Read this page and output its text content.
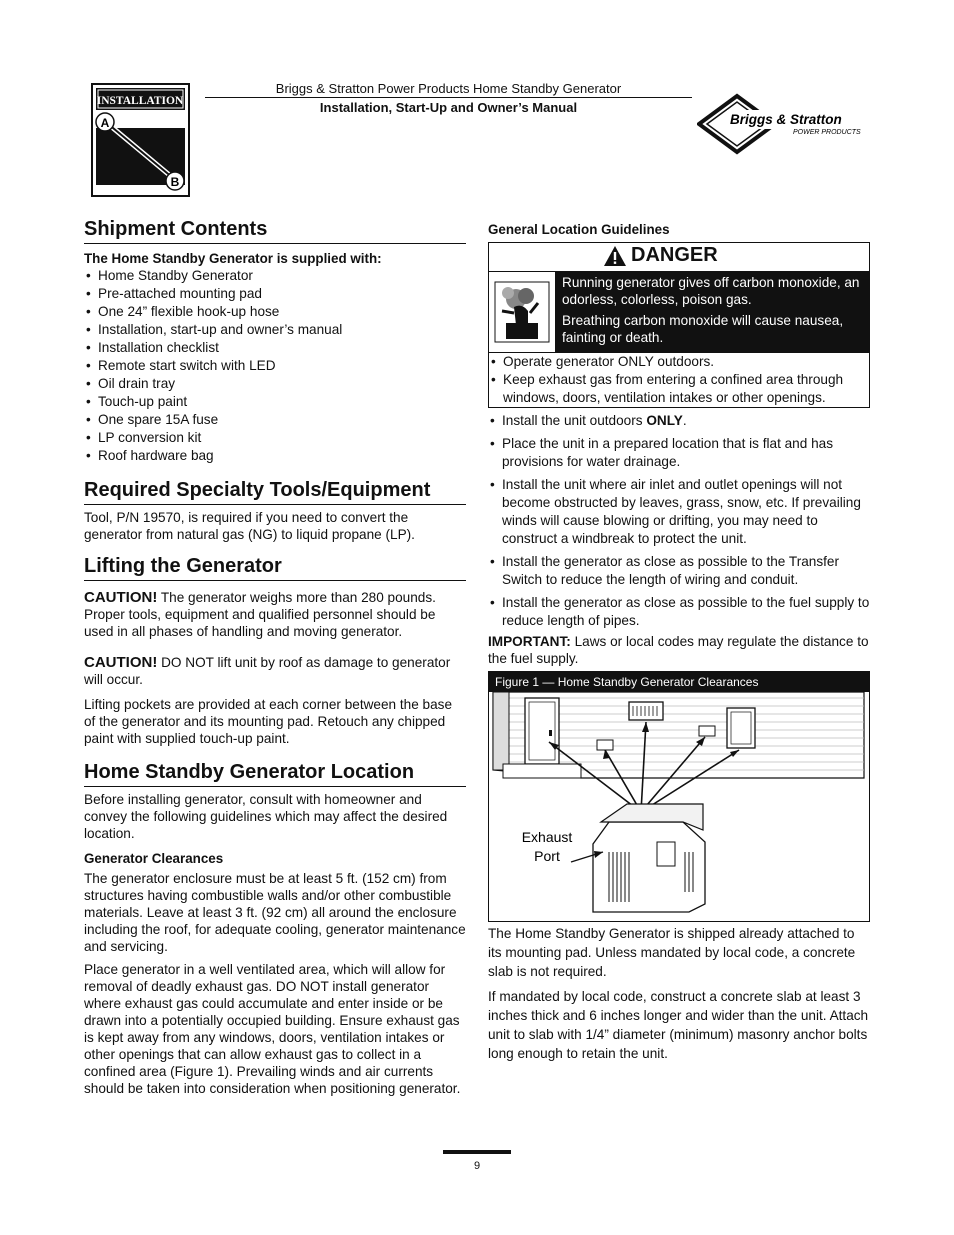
INSTALLATION
A
B
Briggs & Stratton Power Products Home Standby Generator
Installation, Start-Up and Owner’s Manual
Briggs & Stratton
POWER PRODUCTS
Shipment Contents

The Home Standby Generator is supplied with:

• Home Standby Generator
• Pre-attached mounting pad
• One 24” flexible hook-up hose
• Installation, start-up and owner’s manual
• Installation checklist
• Remote start switch with LED
• Oil drain tray
• Touch-up paint
• One spare 15A fuse
• LP conversion kit
• Roof hardware bag
Required Specialty Tools/Equipment

Tool, P/N 19570, is required if you need to convert the generator from natural gas (NG) to liquid propane (LP).

Lifting the Generator

CAUTION! The generator weighs more than 280 pounds. Proper tools, equipment and qualified personnel should be used in all phases of handling and moving generator.

CAUTION! DO NOT lift unit by roof as damage to generator will occur.

Lifting pockets are provided at each corner between the base of the generator and its mounting pad. Retouch any chipped paint with supplied touch-up paint.

Home Standby Generator Location

Before installing generator, consult with homeowner and convey the following guidelines which may affect the desired location.

Generator Clearances

The generator enclosure must be at least 5 ft. (152 cm) from structures having combustible walls and/or other combustible materials. Leave at least 3 ft. (92 cm) all around the enclosure including the roof, for adequate cooling, generator maintenance and servicing.

Place generator in a well ventilated area, which will allow for removal of deadly exhaust gas. DO NOT install generator where exhaust gas could accumulate and enter inside or be drawn into a potentially occupied building. Ensure exhaust gas is kept away from any windows, doors, ventilation intakes or other openings that can allow exhaust gas to collect in a confined area (Figure 1). Prevailing winds and air currents should be taken into consideration when positioning generator.

General Location Guidelines

DANGER

Running generator gives off carbon monoxide, an odorless, colorless, poison gas.

Breathing carbon monoxide will cause nausea, fainting or death.

• Operate generator ONLY outdoors.
• Keep exhaust gas from entering a confined area through windows, doors, ventilation intakes or other openings.
• Install the unit outdoors ONLY.
• Place the unit in a prepared location that is flat and has provisions for water drainage.
• Install the unit where air inlet and outlet openings will not become obstructed by leaves, grass, snow, etc. If prevailing winds will cause blowing or drifting, you may need to construct a windbreak to protect the unit.
• Install the generator as close as possible to the Transfer Switch to reduce the length of wiring and conduit.
• Install the generator as close as possible to the fuel supply to reduce length of pipes.

IMPORTANT: Laws or local codes may regulate the distance to the fuel supply.

Figure 1 — Home Standby Generator Clearances
Exhaust
Port

The Home Standby Generator is shipped already attached to its mounting pad. Unless mandated by local code, a concrete slab is not required.

If mandated by local code, construct a concrete slab at least 3 inches thick and 6 inches longer and wider than the unit. Attach unit to slab with 1/4” diameter (minimum) masonry anchor bolts long enough to retain the unit.

9
